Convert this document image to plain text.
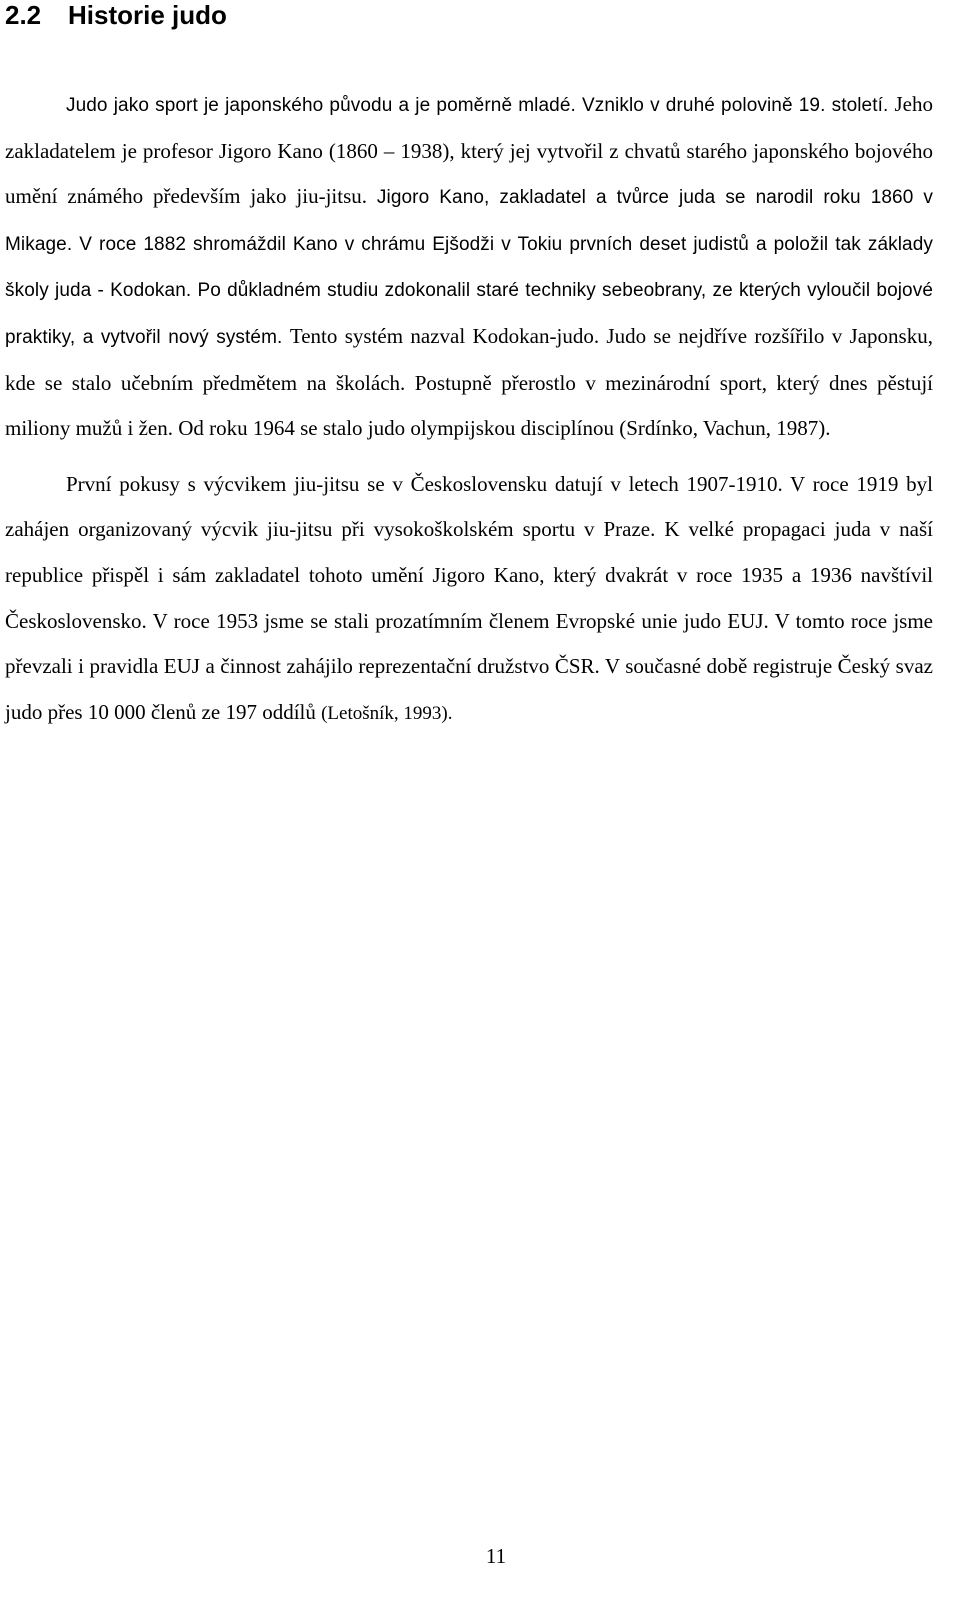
2.2 Historie judo

Judo jako sport je japonského původu a je poměrně mladé. Vzniklo v druhé polovině 19. století. Jeho zakladatelem je profesor Jigoro Kano (1860 – 1938), který jej vytvořil z chvatů starého japonského bojového umění známého především jako jiu-jitsu. Jigoro Kano, zakladatel a tvůrce juda se narodil roku 1860 v Mikage. V roce 1882 shromáždil Kano v chrámu Ejšodži v Tokiu prvních deset judistů a položil tak základy školy juda - Kodokan. Po důkladném studiu zdokonalil staré techniky sebeobrany, ze kterých vyloučil bojové praktiky, a vytvořil nový systém. Tento systém nazval Kodokan-judo. Judo se nejdříve rozšířilo v Japonsku, kde se stalo učebním předmětem na školách. Postupně přerostlo v mezinárodní sport, který dnes pěstují miliony mužů i žen. Od roku 1964 se stalo judo olympijskou disciplínou (Srdínko, Vachun, 1987).

První pokusy s výcvikem jiu-jitsu se v Československu datují v letech 1907-1910. V roce 1919 byl zahájen organizovaný výcvik jiu-jitsu při vysokoškolském sportu v Praze. K velké propagaci juda v naší republice přispěl i sám zakladatel tohoto umění Jigoro Kano, který dvakrát v roce 1935 a 1936 navštívil Československo. V roce 1953 jsme se stali prozatímním členem Evropské unie judo EUJ. V tomto roce jsme převzali i pravidla EUJ a činnost zahájilo reprezentační družstvo ČSR. V současné době registruje Český svaz judo přes 10 000 členů ze 197 oddílů (Letošník, 1993).

11
